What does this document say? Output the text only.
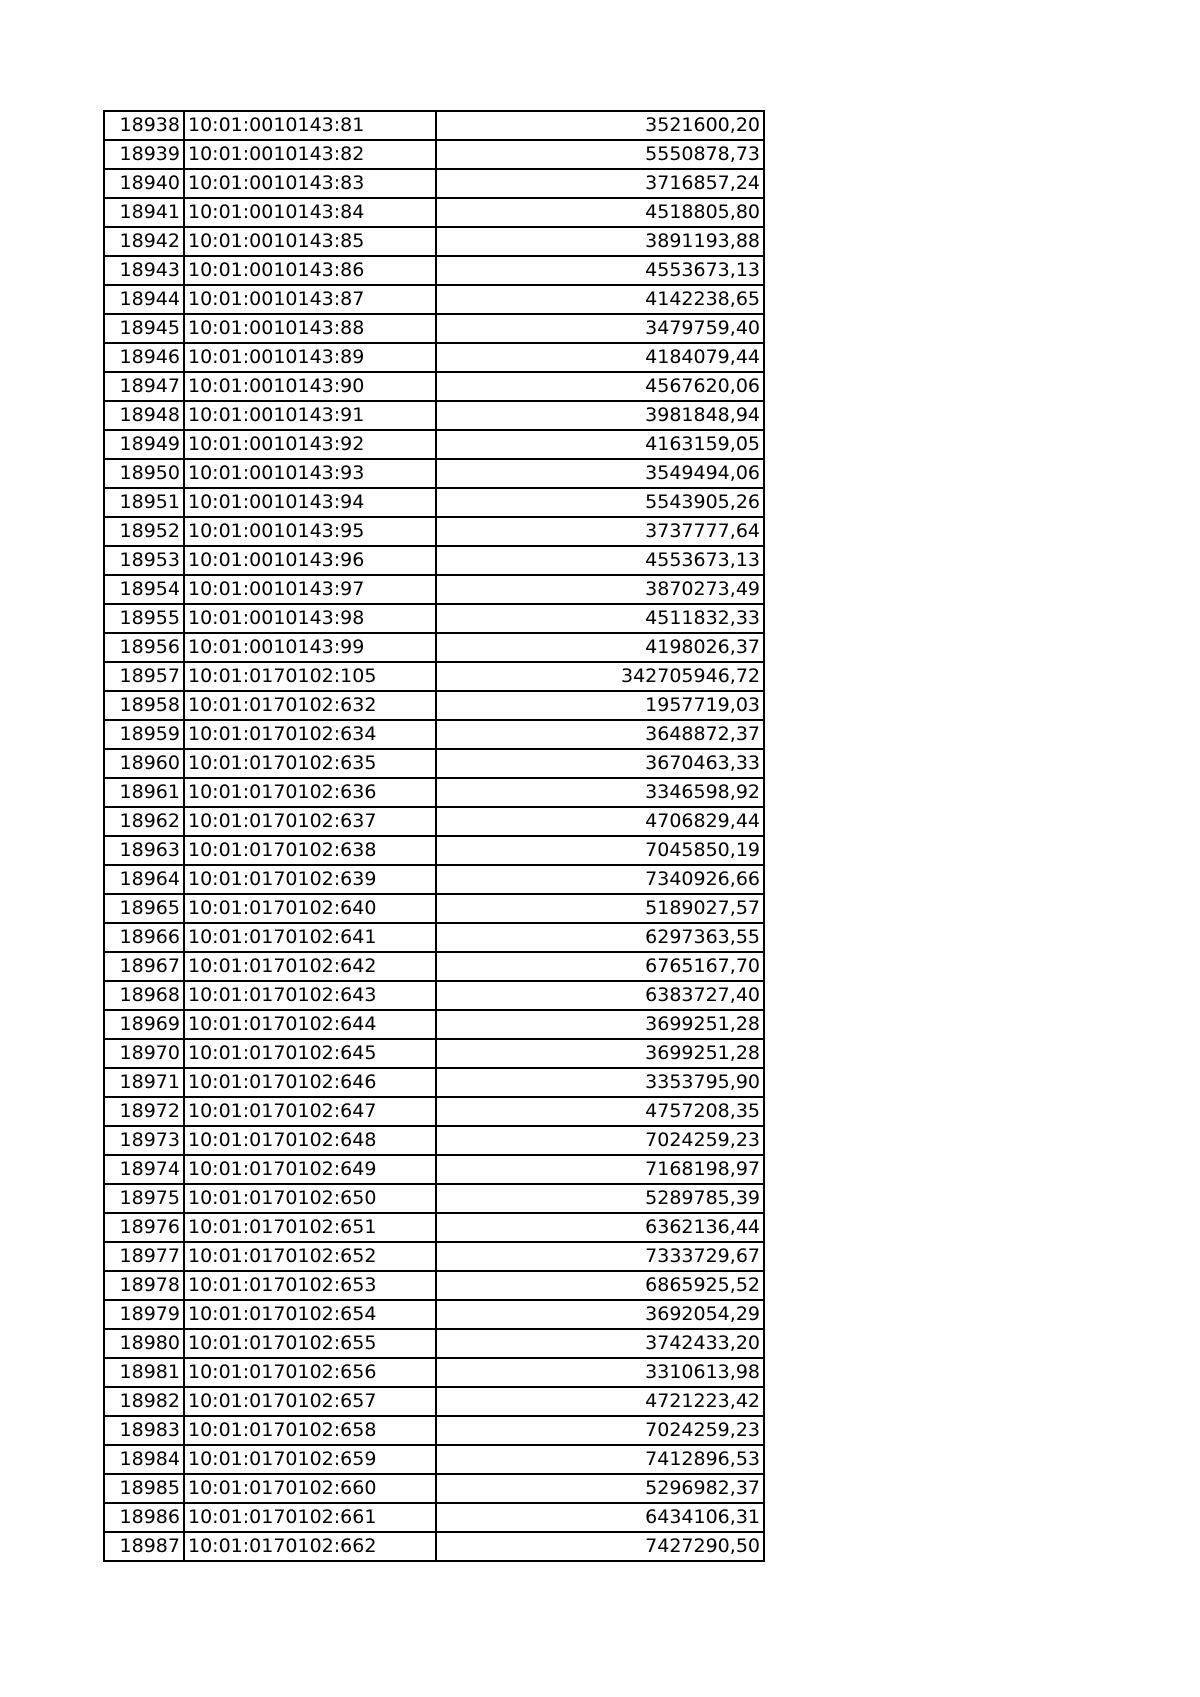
18938	10:01:0010143:81	3521600,20
18939	10:01:0010143:82	5550878,73
18940	10:01:0010143:83	3716857,24
18941	10:01:0010143:84	4518805,80
18942	10:01:0010143:85	3891193,88
18943	10:01:0010143:86	4553673,13
18944	10:01:0010143:87	4142238,65
18945	10:01:0010143:88	3479759,40
18946	10:01:0010143:89	4184079,44
18947	10:01:0010143:90	4567620,06
18948	10:01:0010143:91	3981848,94
18949	10:01:0010143:92	4163159,05
18950	10:01:0010143:93	3549494,06
18951	10:01:0010143:94	5543905,26
18952	10:01:0010143:95	3737777,64
18953	10:01:0010143:96	4553673,13
18954	10:01:0010143:97	3870273,49
18955	10:01:0010143:98	4511832,33
18956	10:01:0010143:99	4198026,37
18957	10:01:0170102:105	342705946,72
18958	10:01:0170102:632	1957719,03
18959	10:01:0170102:634	3648872,37
18960	10:01:0170102:635	3670463,33
18961	10:01:0170102:636	3346598,92
18962	10:01:0170102:637	4706829,44
18963	10:01:0170102:638	7045850,19
18964	10:01:0170102:639	7340926,66
18965	10:01:0170102:640	5189027,57
18966	10:01:0170102:641	6297363,55
18967	10:01:0170102:642	6765167,70
18968	10:01:0170102:643	6383727,40
18969	10:01:0170102:644	3699251,28
18970	10:01:0170102:645	3699251,28
18971	10:01:0170102:646	3353795,90
18972	10:01:0170102:647	4757208,35
18973	10:01:0170102:648	7024259,23
18974	10:01:0170102:649	7168198,97
18975	10:01:0170102:650	5289785,39
18976	10:01:0170102:651	6362136,44
18977	10:01:0170102:652	7333729,67
18978	10:01:0170102:653	6865925,52
18979	10:01:0170102:654	3692054,29
18980	10:01:0170102:655	3742433,20
18981	10:01:0170102:656	3310613,98
18982	10:01:0170102:657	4721223,42
18983	10:01:0170102:658	7024259,23
18984	10:01:0170102:659	7412896,53
18985	10:01:0170102:660	5296982,37
18986	10:01:0170102:661	6434106,31
18987	10:01:0170102:662	7427290,50
